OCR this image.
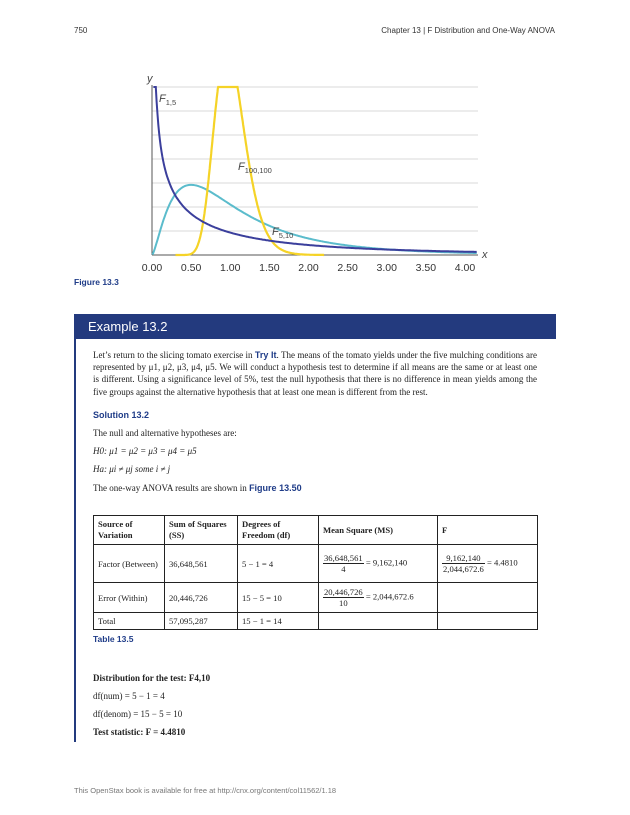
750	Chapter 13 | F Distribution and One-Way ANOVA
y
x
0.00 0.50 1.00 1.50 2.00 2.50 3.00 3.50 4.00
$F_{1,5}$
$F_{100,100}$
$F_{5,10}$
Figure 13.3
Example 13.2

Let’s return to the slicing tomato exercise in Try It. The means of the tomato yields under the five mulching conditions are represented by μ1, μ2, μ3, μ4, μ5. We will conduct a hypothesis test to determine if all means are the same or at least one is different. Using a significance level of 5%, test the null hypothesis that there is no difference in mean yields among the five groups against the alternative hypothesis that at least one mean is different from the rest.

Solution 13.2
The null and alternative hypotheses are:
H0: μ1 = μ2 = μ3 = μ4 = μ5
Ha: μi ≠ μj some i ≠ j
The one-way ANOVA results are shown in Figure 13.50
Source of Variation	Sum of Squares (SS)	Degrees of Freedom (df)	Mean Square (MS)	F
Factor (Between)	36,648,561	5 − 1 = 4	$\frac{36,648,561}{4} = 9,162,140$	$\frac{9,162,140}{2,044,672.6} = 4.4810$
Error (Within)	20,446,726	15 − 5 = 10	$\frac{20,446,726}{10} = 2,044,672.6$	
Total	57,095,287	15 − 1 = 14		
Table 13.5
Distribution for the test: F4,10
df(num) = 5 − 1 = 4
df(denom) = 15 − 5 = 10
Test statistic: F = 4.4810
This OpenStax book is available for free at http://cnx.org/content/col11562/1.18
